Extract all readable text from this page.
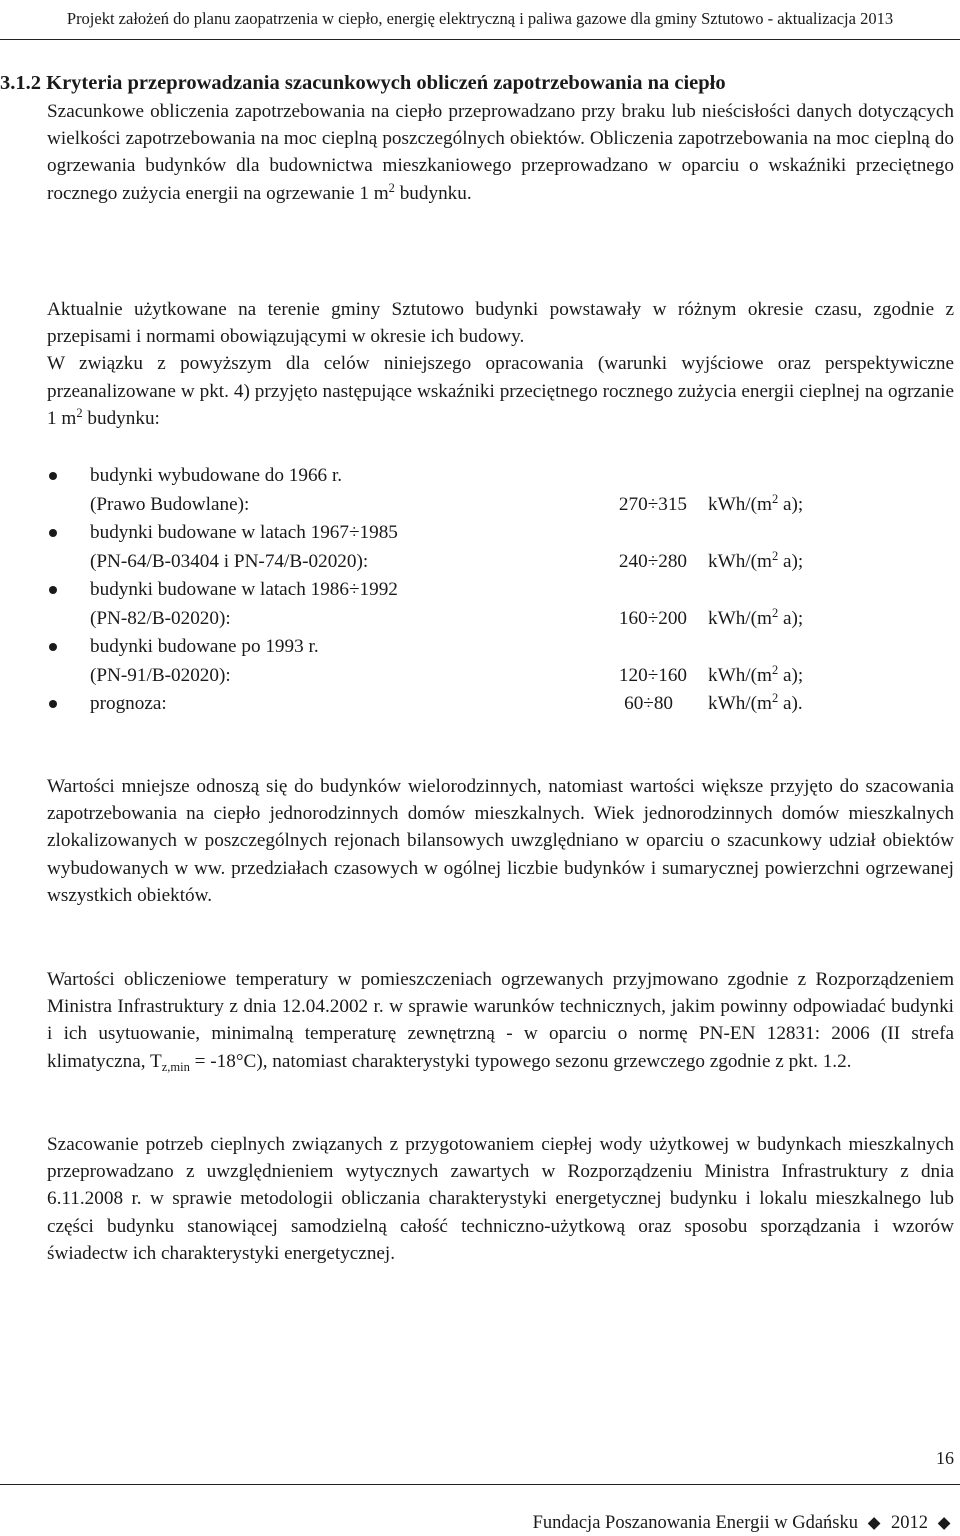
Projekt założeń do planu zaopatrzenia w ciepło, energię elektryczną i paliwa gazowe dla gminy Sztutowo - aktualizacja 2013
3.1.2 Kryteria przeprowadzania szacunkowych obliczeń zapotrzebowania na ciepło

Szacunkowe obliczenia zapotrzebowania na ciepło przeprowadzano przy braku lub nieścisłości danych dotyczących wielkości zapotrzebowania na moc cieplną poszczególnych obiektów. Obliczenia zapotrzebowania na moc cieplną do ogrzewania budynków dla budownictwa mieszkaniowego przeprowadzano w oparciu o wskaźniki przeciętnego rocznego zużycia energii na ogrzewanie 1 $m^2$ budynku.

Aktualnie użytkowane na terenie gminy Sztutowo budynki powstawały w różnym okresie czasu, zgodnie z przepisami i normami obowiązującymi w okresie ich budowy.

W związku z powyższym dla celów niniejszego opracowania (warunki wyjściowe oraz perspektywiczne przeanalizowane w pkt. 4) przyjęto następujące wskaźniki przeciętnego rocznego zużycia energii cieplnej na ogrzanie 1 $m^2$ budynku:

budynki wybudowane do 1966 r.
(Prawo Budowlane):	270÷315 kWh/($m^2$ a);
budynki budowane w latach 1967÷1985
(PN-64/B-03404 i PN-74/B-02020):	240÷280 kWh/($m^2$ a);
budynki budowane w latach 1986÷1992
(PN-82/B-02020):	160÷200 kWh/($m^2$ a);
budynki budowane po 1993 r.
(PN-91/B-02020):	120÷160 kWh/($m^2$ a);
prognoza:	60÷80 kWh/($m^2$ a).

Wartości mniejsze odnoszą się do budynków wielorodzinnych, natomiast wartości większe przyjęto do szacowania zapotrzebowania na ciepło jednorodzinnych domów mieszkalnych. Wiek jednorodzinnych domów mieszkalnych zlokalizowanych w poszczególnych rejonach bilansowych uwzględniano w oparciu o szacunkowy udział obiektów wybudowanych w ww. przedziałach czasowych w ogólnej liczbie budynków i sumarycznej powierzchni ogrzewanej wszystkich obiektów.

Wartości obliczeniowe temperatury w pomieszczeniach ogrzewanych przyjmowano zgodnie z Rozporządzeniem Ministra Infrastruktury z dnia 12.04.2002 r. w sprawie warunków technicznych, jakim powinny odpowiadać budynki i ich usytuowanie, minimalną temperaturę zewnętrzną - w oparciu o normę PN-EN 12831: 2006 (II strefa klimatyczna, $T_{z,min} = -18^\circ C$), natomiast charakterystyki typowego sezonu grzewczego zgodnie z pkt. 1.2.

Szacowanie potrzeb cieplnych związanych z przygotowaniem ciepłej wody użytkowej w budynkach mieszkalnych przeprowadzano z uwzględnieniem wytycznych zawartych w Rozporządzeniu Ministra Infrastruktury z dnia 6.11.2008 r. w sprawie metodologii obliczania charakterystyki energetycznej budynku i lokalu mieszkalnego lub części budynku stanowiącej samodzielną całość techniczno-użytkową oraz sposobu sporządzania i wzorów świadectw ich charakterystyki energetycznej.

16
Fundacja Poszanowania Energii w Gdańsku 2012
